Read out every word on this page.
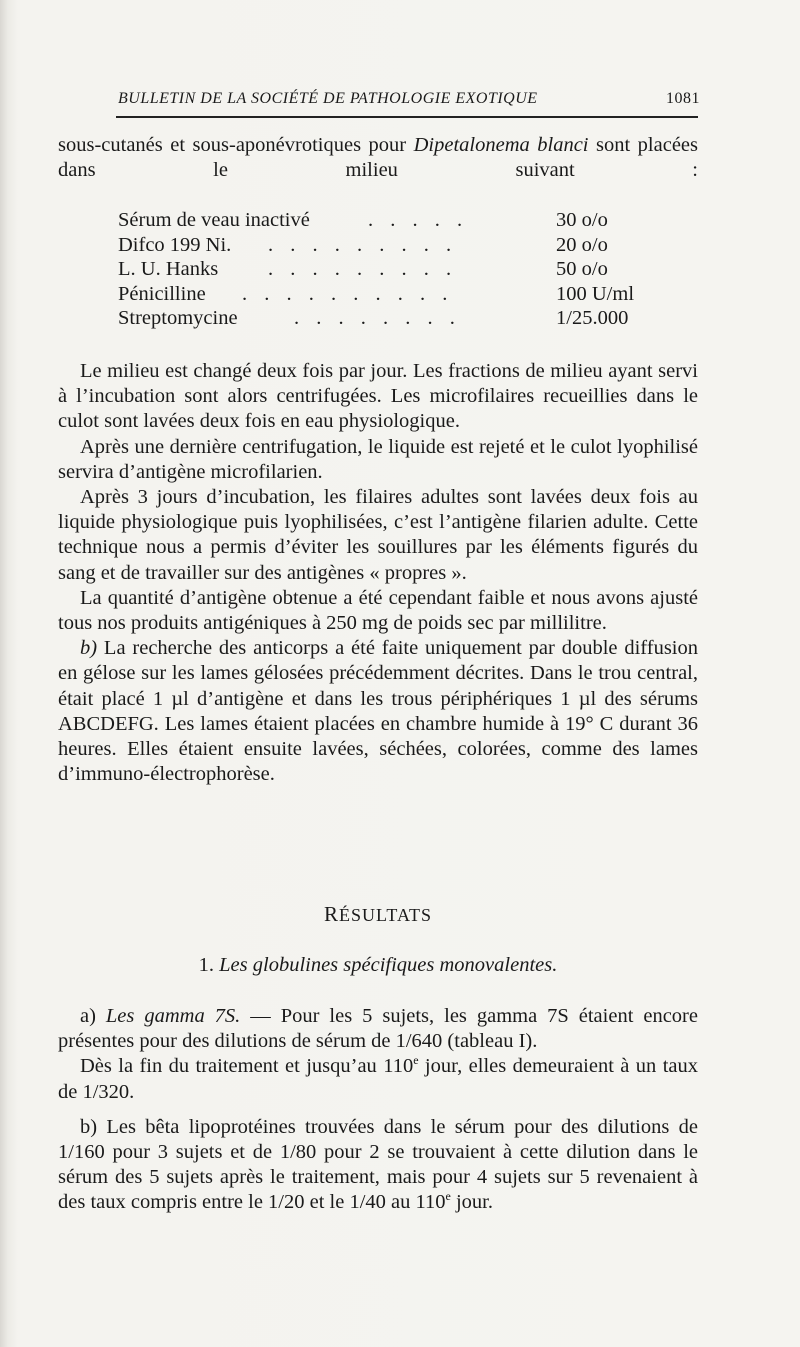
BULLETIN DE LA SOCIÉTÉ DE PATHOLOGIE EXOTIQUE	1081

sous-cutanés et sous-aponévrotiques pour Dipetalonema blanci sont placées dans le milieu suivant :

Sérum de veau inactivé	. . . . .	30 o/o
Difco 199 Ni. . . . . . . . . .	20 o/o
L. U. Hanks . . . . . . . . .	50 o/o
Pénicilline . . . . . . . . . .	100 U/ml
Streptomycine	. . . . . . . .	1/25.000

Le milieu est changé deux fois par jour. Les fractions de milieu ayant servi à l’incubation sont alors centrifugées. Les microfilaires recueillies dans le culot sont lavées deux fois en eau physiologique.

Après une dernière centrifugation, le liquide est rejeté et le culot lyophilisé servira d’antigène microfilarien.

Après 3 jours d’incubation, les filaires adultes sont lavées deux fois au liquide physiologique puis lyophilisées, c’est l’antigène filarien adulte. Cette technique nous a permis d’éviter les souillures par les éléments figurés du sang et de travailler sur des antigènes « propres ».

La quantité d’antigène obtenue a été cependant faible et nous avons ajusté tous nos produits antigéniques à 250 mg de poids sec par millilitre.

b) La recherche des anticorps a été faite uniquement par double diffusion en gélose sur les lames gélosées précédemment décrites. Dans le trou central, était placé 1 µl d’antigène et dans les trous périphériques 1 µl des sérums ABCDEFG. Les lames étaient placées en chambre humide à 19° C durant 36 heures. Elles étaient ensuite lavées, séchées, colorées, comme des lames d’immuno-électrophorèse.

RÉSULTATS
1. Les globulines spécifiques monovalentes.

a) Les gamma 7S. — Pour les 5 sujets, les gamma 7S étaient encore présentes pour des dilutions de sérum de 1/640 (tableau I).

Dès la fin du traitement et jusqu’au 110e jour, elles demeuraient à un taux de 1/320.

b) Les bêta lipoprotéines trouvées dans le sérum pour des dilutions de 1/160 pour 3 sujets et de 1/80 pour 2 se trouvaient à cette dilution dans le sérum des 5 sujets après le traitement, mais pour 4 sujets sur 5 revenaient à des taux compris entre le 1/20 et le 1/40 au 110e jour.
